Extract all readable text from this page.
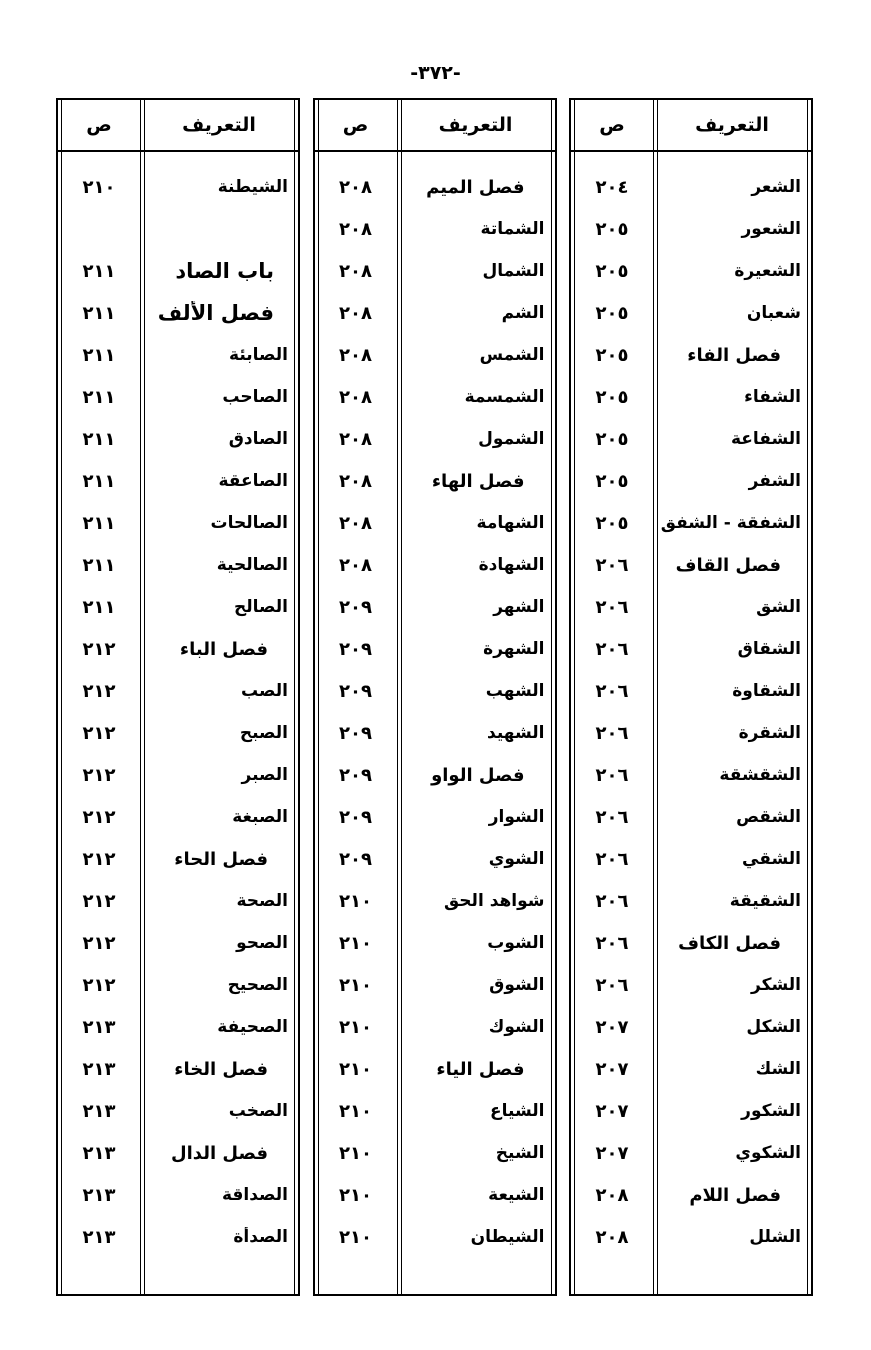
-٣٧٢-
التعريف
ص
الشعر
٢٠٤
الشعور
٢٠٥
الشعيرة
٢٠٥
شعبان
٢٠٥
فصل الفاء
٢٠٥
الشفاء
٢٠٥
الشفاعة
٢٠٥
الشفر
٢٠٥
الشفقة - الشفق
٢٠٥
فصل القاف
٢٠٦
الشق
٢٠٦
الشقاق
٢٠٦
الشقاوة
٢٠٦
الشقرة
٢٠٦
الشقشقة
٢٠٦
الشقص
٢٠٦
الشقي
٢٠٦
الشقيقة
٢٠٦
فصل الكاف
٢٠٦
الشكر
٢٠٦
الشكل
٢٠٧
الشك
٢٠٧
الشكور
٢٠٧
الشكوي
٢٠٧
فصل اللام
٢٠٨
الشلل
٢٠٨
التعريف
ص
فصل الميم
٢٠٨
الشماتة
٢٠٨
الشمال
٢٠٨
الشم
٢٠٨
الشمس
٢٠٨
الشمسمة
٢٠٨
الشمول
٢٠٨
فصل الهاء
٢٠٨
الشهامة
٢٠٨
الشهادة
٢٠٨
الشهر
٢٠٩
الشهرة
٢٠٩
الشهب
٢٠٩
الشهيد
٢٠٩
فصل الواو
٢٠٩
الشوار
٢٠٩
الشوي
٢٠٩
شواهد الحق
٢١٠
الشوب
٢١٠
الشوق
٢١٠
الشوك
٢١٠
فصل الياء
٢١٠
الشياع
٢١٠
الشيخ
٢١٠
الشيعة
٢١٠
الشيطان
٢١٠
التعريف
ص
الشيطنة
٢١٠
باب الصاد
٢١١
فصل الألف
٢١١
الصابئة
٢١١
الصاحب
٢١١
الصادق
٢١١
الصاعقة
٢١١
الصالحات
٢١١
الصالحية
٢١١
الصالح
٢١١
فصل الباء
٢١٢
الصب
٢١٢
الصبح
٢١٢
الصبر
٢١٢
الصبغة
٢١٢
فصل الحاء
٢١٢
الصحة
٢١٢
الصحو
٢١٢
الصحيح
٢١٢
الصحيفة
٢١٣
فصل الخاء
٢١٣
الصخب
٢١٣
فصل الدال
٢١٣
الصداقة
٢١٣
الصدأة
٢١٣
